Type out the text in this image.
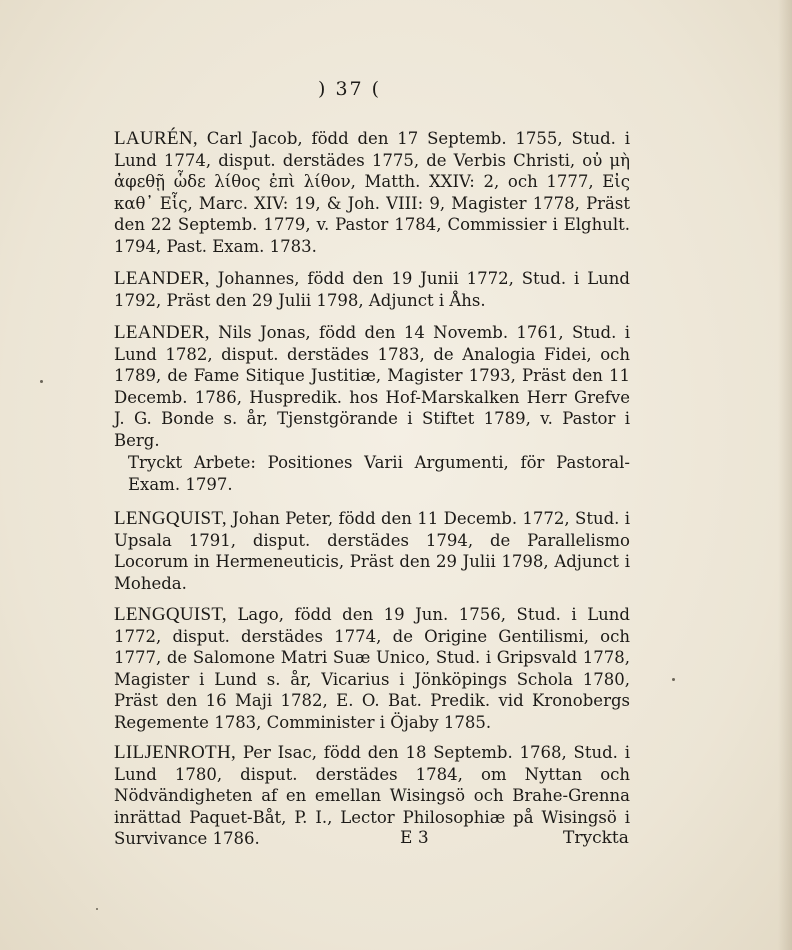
) 37 (
LAURÉN, Carl Jacob, född den 17 Septemb. 1755, Stud. i Lund 1774, disput. derstädes 1775, de Verbis Christi, οὐ μὴ ἀφεθῇ ὧδε λίθος ἐπὶ λίθον, Matth. XXIV: 2, och 1777, Εἰς καθ᾽ Εἷς, Marc. XIV: 19, & Joh. VIII: 9, Magister 1778, Präst den 22 Septemb. 1779, v. Pastor 1784, Commissier i Elghult. 1794, Past. Exam. 1783.
LEANDER, Johannes, född den 19 Junii 1772, Stud. i Lund 1792, Präst den 29 Julii 1798, Adjunct i Åhs.
LEANDER, Nils Jonas, född den 14 Novemb. 1761, Stud. i Lund 1782, disput. derstädes 1783, de Analogia Fidei, och 1789, de Fame Sitique Justitiæ, Magister 1793, Präst den 11 Decemb. 1786, Huspredik. hos Hof-Marskalken Herr Grefve J. G. Bonde s. år, Tjenstgörande i Stiftet 1789, v. Pastor i Berg.
Tryckt Arbete: Positiones Varii Argumenti, för Pastoral-Exam. 1797.
LENGQUIST, Johan Peter, född den 11 Decemb. 1772, Stud. i Upsala 1791, disput. derstädes 1794, de Parallelismo Locorum in Hermeneuticis, Präst den 29 Julii 1798, Adjunct i Moheda.
LENGQUIST, Lago, född den 19 Jun. 1756, Stud. i Lund 1772, disput. derstädes 1774, de Origine Gentilismi, och 1777, de Salomone Matri Suæ Unico, Stud. i Gripsvald 1778, Magister i Lund s. år, Vicarius i Jönköpings Schola 1780, Präst den 16 Maji 1782, E. O. Bat. Predik. vid Kronobergs Regemente 1783, Comminister i Öjaby 1785.
LILJENROTH, Per Isac, född den 18 Septemb. 1768, Stud. i Lund 1780, disput. derstädes 1784, om Nyttan och Nödvändigheten af en emellan Wisingsö och Brahe-Grenna inrättad Paquet-Båt, P. I., Lector Philosophiæ på Wisingsö i Survivance 1786.	E 3	Tryckta
